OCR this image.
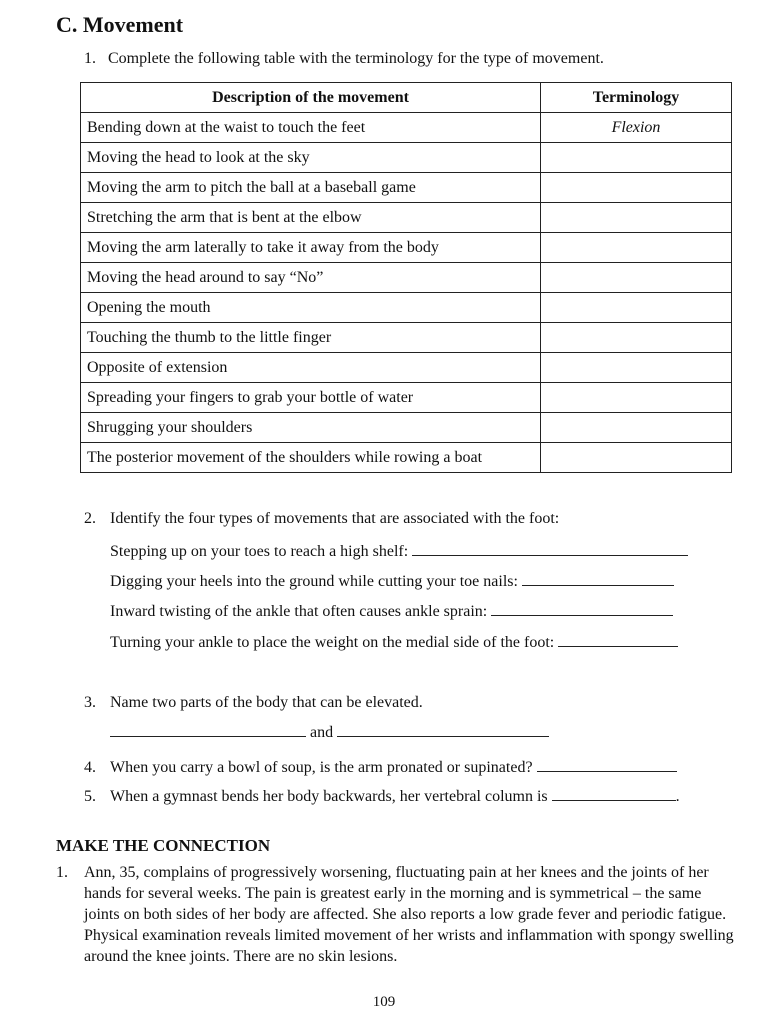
C. Movement
1. Complete the following table with the terminology for the type of movement.
Description of the movement	Terminology
Bending down at the waist to touch the feet	Flexion
Moving the head to look at the sky	
Moving the arm to pitch the ball at a baseball game	
Stretching the arm that is bent at the elbow	
Moving the arm laterally to take it away from the body	
Moving the head around to say “No”	
Opening the mouth	
Touching the thumb to the little finger	
Opposite of extension	
Spreading your fingers to grab your bottle of water	
Shrugging your shoulders	
The posterior movement of the shoulders while rowing a boat	
2. Identify the four types of movements that are associated with the foot:
Stepping up on your toes to reach a high shelf:
Digging your heels into the ground while cutting your toe nails:
Inward twisting of the ankle that often causes ankle sprain:
Turning your ankle to place the weight on the medial side of the foot:
3. Name two parts of the body that can be elevated.
and
4. When you carry a bowl of soup, is the arm pronated or supinated?
5. When a gymnast bends her body backwards, her vertebral column is	.
MAKE THE CONNECTION
1. Ann, 35, complains of progressively worsening, fluctuating pain at her knees and the joints of her hands for several weeks. The pain is greatest early in the morning and is symmetrical – the same joints on both sides of her body are affected. She also reports a low grade fever and periodic fatigue. Physical examination reveals limited movement of her wrists and inflammation with spongy swelling around the knee joints. There are no skin lesions.
109
